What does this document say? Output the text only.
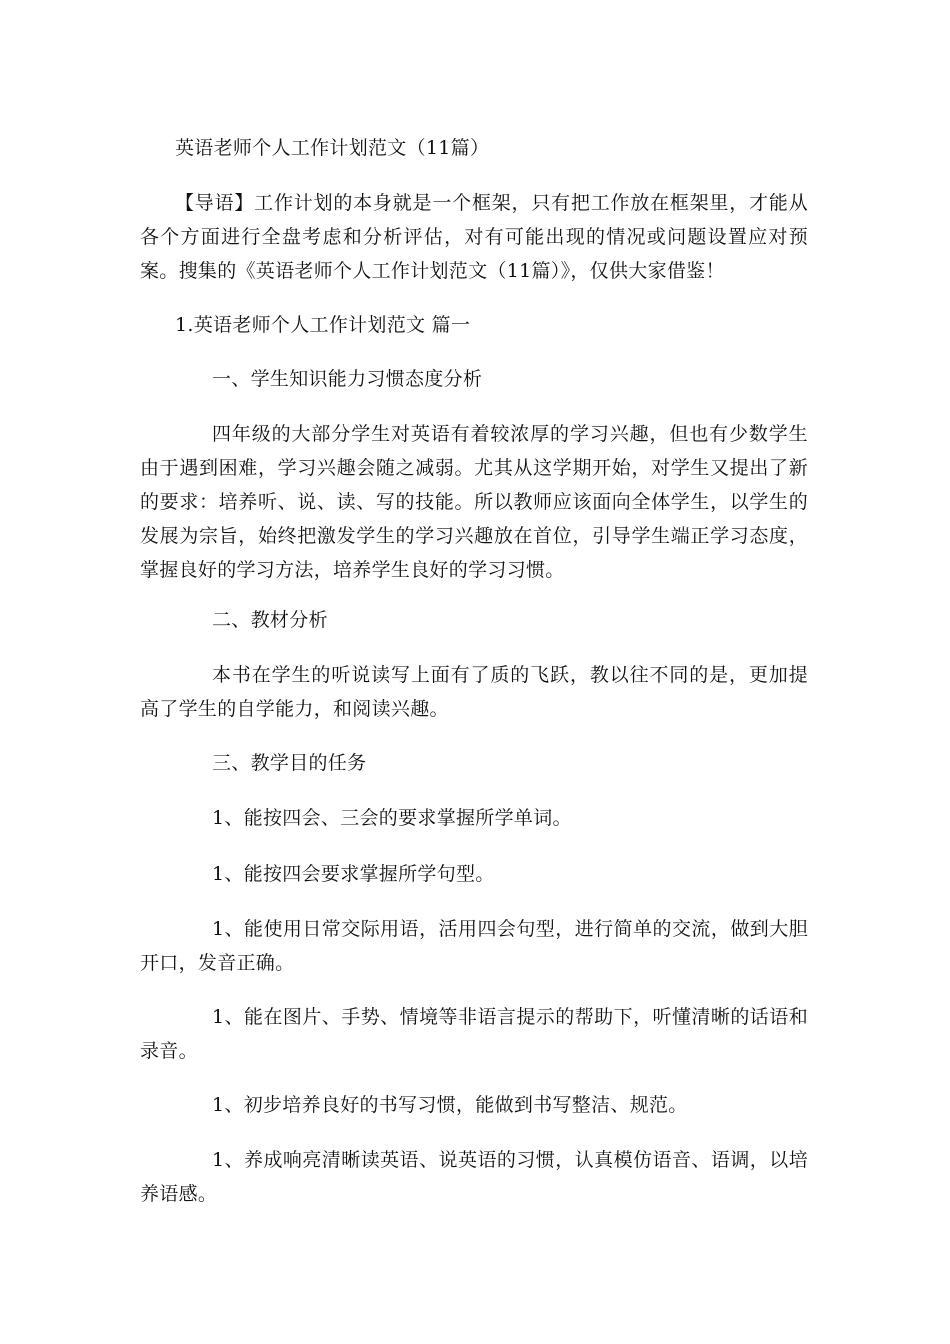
英语老师个人工作计划范文（11篇）

【导语】工作计划的本身就是一个框架，只有把工作放在框架里，才能从各个方面进行全盘考虑和分析评估，对有可能出现的情况或问题设置应对预案。搜集的《英语老师个人工作计划范文（11篇）》，仅供大家借鉴！

1.英语老师个人工作计划范文 篇一

一、学生知识能力习惯态度分析

四年级的大部分学生对英语有着较浓厚的学习兴趣，但也有少数学生由于遇到困难，学习兴趣会随之减弱。尤其从这学期开始，对学生又提出了新的要求：培养听、说、读、写的技能。所以教师应该面向全体学生，以学生的发展为宗旨，始终把激发学生的学习兴趣放在首位，引导学生端正学习态度，掌握良好的学习方法，培养学生良好的学习习惯。

二、教材分析

本书在学生的听说读写上面有了质的飞跃，教以往不同的是，更加提高了学生的自学能力，和阅读兴趣。

三、教学目的任务

1、能按四会、三会的要求掌握所学单词。

1、能按四会要求掌握所学句型。

1、能使用日常交际用语，活用四会句型，进行简单的交流，做到大胆开口，发音正确。

1、能在图片、手势、情境等非语言提示的帮助下，听懂清晰的话语和录音。

1、初步培养良好的书写习惯，能做到书写整洁、规范。

1、养成响亮清晰读英语、说英语的习惯，认真模仿语音、语调，以培养语感。
